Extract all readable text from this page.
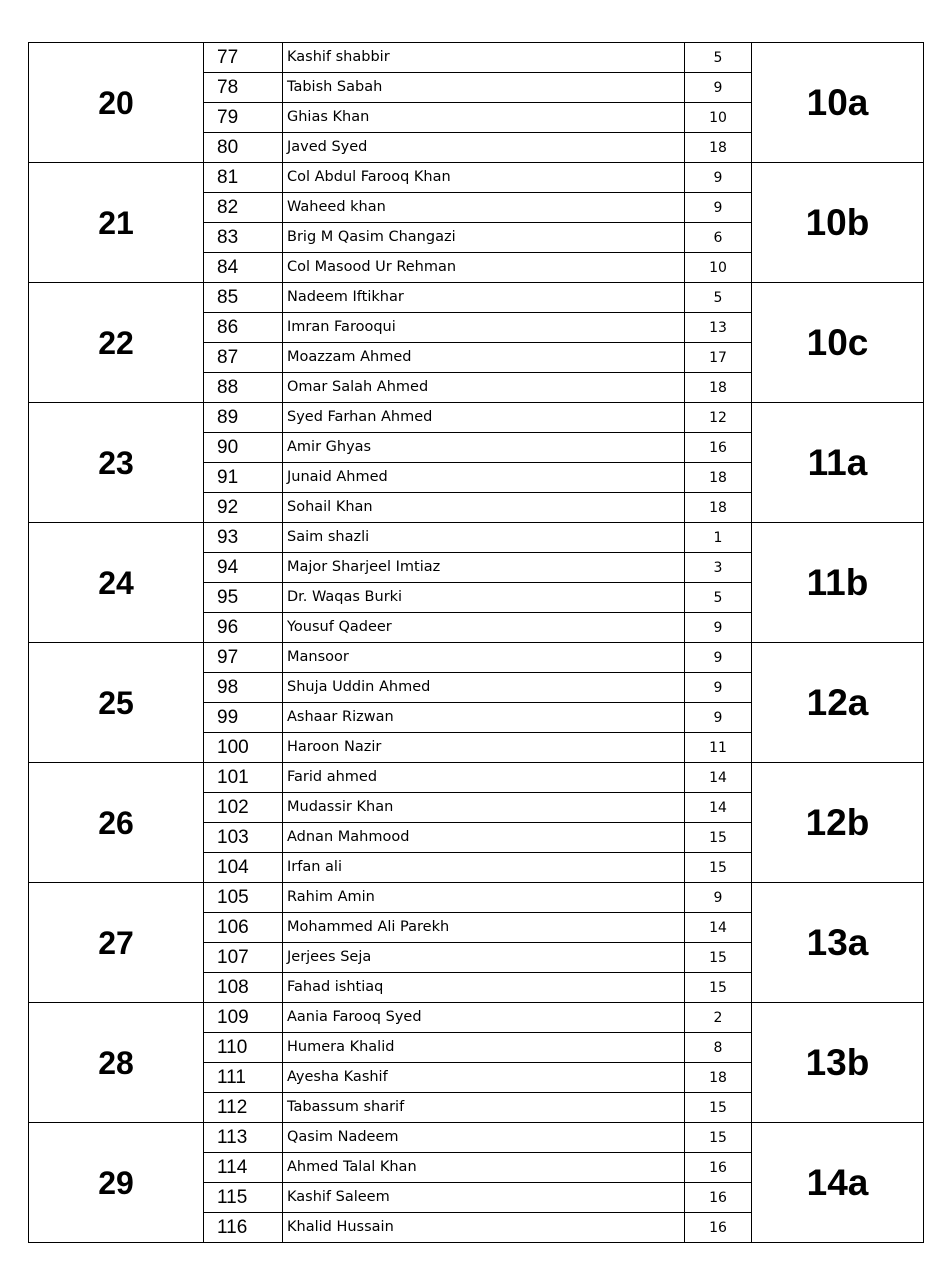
20	77	Kashif shabbir	5	10a
	78	Tabish Sabah	9	
	79	Ghias Khan	10	
	80	Javed Syed	18	
21	81	Col Abdul Farooq Khan	9	10b
	82	Waheed khan	9	
	83	Brig M Qasim Changazi	6	
	84	Col Masood Ur Rehman	10	
22	85	Nadeem Iftikhar	5	10c
	86	Imran Farooqui	13	
	87	Moazzam Ahmed	17	
	88	Omar Salah Ahmed	18	
23	89	Syed Farhan Ahmed	12	11a
	90	Amir Ghyas	16	
	91	Junaid Ahmed	18	
	92	Sohail Khan	18	
24	93	Saim shazli	1	11b
	94	Major Sharjeel Imtiaz	3	
	95	Dr. Waqas Burki	5	
	96	Yousuf Qadeer	9	
25	97	Mansoor	9	12a
	98	Shuja Uddin Ahmed	9	
	99	Ashaar Rizwan	9	
	100	Haroon Nazir	11	
26	101	Farid ahmed	14	12b
	102	Mudassir Khan	14	
	103	Adnan Mahmood	15	
	104	Irfan ali	15	
27	105	Rahim Amin	9	13a
	106	Mohammed Ali Parekh	14	
	107	Jerjees Seja	15	
	108	Fahad ishtiaq	15	
28	109	Aania Farooq Syed	2	13b
	110	Humera Khalid	8	
	111	Ayesha Kashif	18	
	112	Tabassum sharif	15	
29	113	Qasim Nadeem	15	14a
	114	Ahmed Talal Khan	16	
	115	Kashif Saleem	16	
	116	Khalid Hussain	16	
